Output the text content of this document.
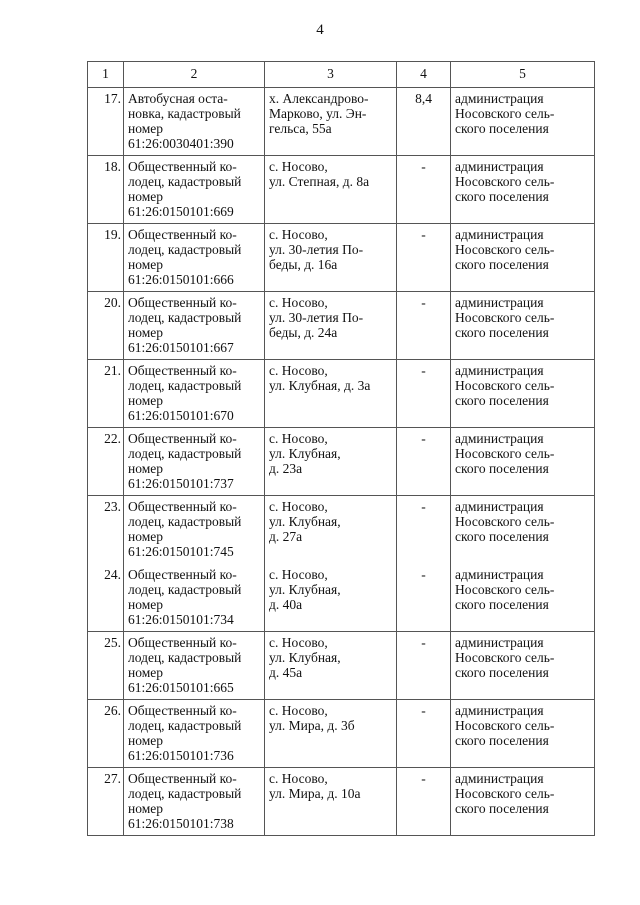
4
1	2	3	4	5
17.	Автобусная оста-
новка, кадастровый
номер
61:26:0030401:390	х. Александрово-
Марково, ул. Эн-
гельса, 55а	8,4	администрация
Носовского сель-
ского поселения
18.	Общественный ко-
лодец, кадастровый
номер
61:26:0150101:669	с. Носово,
ул. Степная, д. 8а	-	администрация
Носовского сель-
ского поселения
19.	Общественный ко-
лодец, кадастровый
номер
61:26:0150101:666	с. Носово,
ул. 30-летия По-
беды, д. 16а	-	администрация
Носовского сель-
ского поселения
20.	Общественный ко-
лодец, кадастровый
номер
61:26:0150101:667	с. Носово,
ул. 30-летия По-
беды, д. 24а	-	администрация
Носовского сель-
ского поселения
21.	Общественный ко-
лодец, кадастровый
номер
61:26:0150101:670	с. Носово,
ул. Клубная, д. 3а	-	администрация
Носовского сель-
ского поселения
22.	Общественный ко-
лодец, кадастровый
номер
61:26:0150101:737	с. Носово,
ул. Клубная,
д. 23а	-	администрация
Носовского сель-
ского поселения
23.	Общественный ко-
лодец, кадастровый
номер
61:26:0150101:745	с. Носово,
ул. Клубная,
д. 27а	-	администрация
Носовского сель-
ского поселения
24.	Общественный ко-
лодец, кадастровый
номер
61:26:0150101:734	с. Носово,
ул. Клубная,
д. 40а	-	администрация
Носовского сель-
ского поселения
25.	Общественный ко-
лодец, кадастровый
номер
61:26:0150101:665	с. Носово,
ул. Клубная,
д. 45а	-	администрация
Носовского сель-
ского поселения
26.	Общественный ко-
лодец, кадастровый
номер
61:26:0150101:736	с. Носово,
ул. Мира, д. 3б	-	администрация
Носовского сель-
ского поселения
27.	Общественный ко-
лодец, кадастровый
номер
61:26:0150101:738	с. Носово,
ул. Мира, д. 10а	-	администрация
Носовского сель-
ского поселения
